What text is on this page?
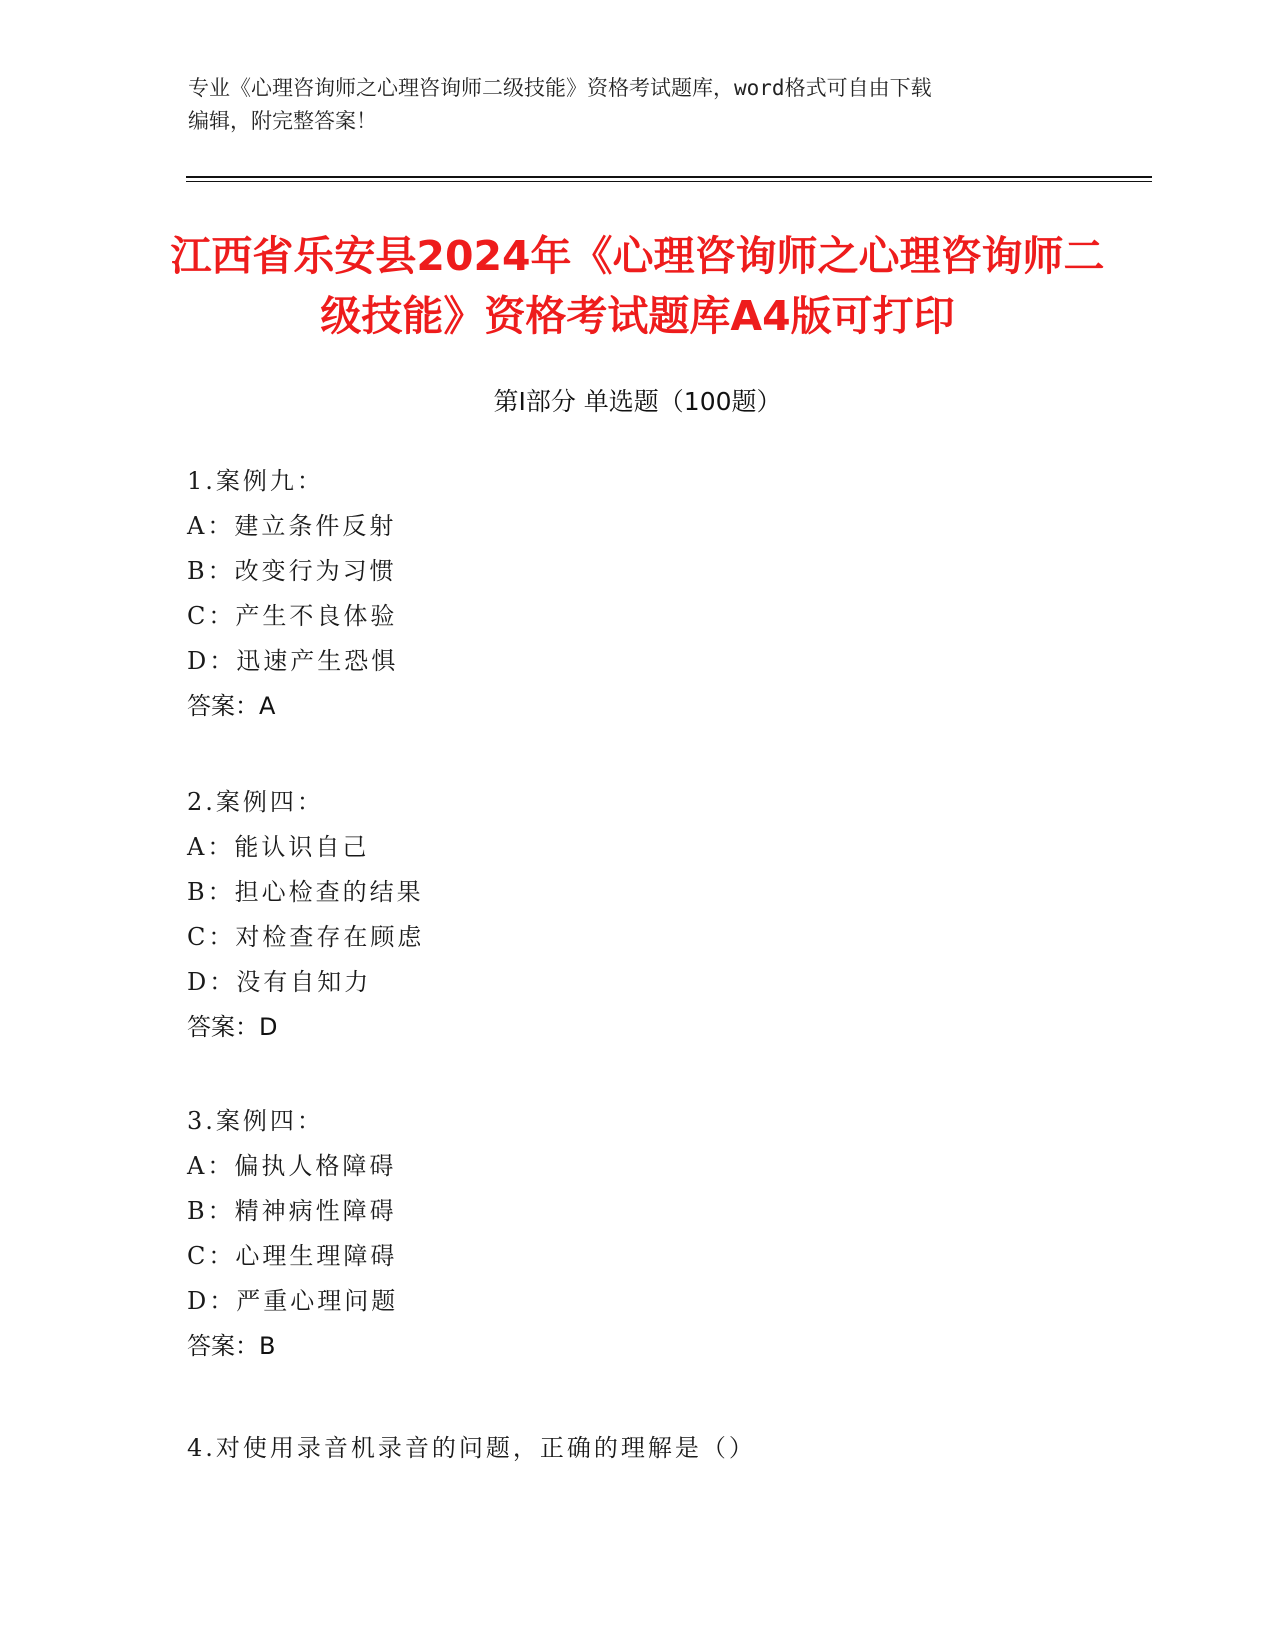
专业《心理咨询师之心理咨询师二级技能》资格考试题库，word格式可自由下载
编辑，附完整答案！
江西省乐安县2024年《心理咨询师之心理咨询师二级技能》资格考试题库A4版可打印
第Ⅰ部分 单选题（100题）
1.案例九：
A：建立条件反射
B：改变行为习惯
C：产生不良体验
D：迅速产生恐惧
答案：A
2.案例四：
A：能认识自己
B：担心检查的结果
C：对检查存在顾虑
D：没有自知力
答案：D
3.案例四：
A：偏执人格障碍
B：精神病性障碍
C：心理生理障碍
D：严重心理问题
答案：B
4.对使用录音机录音的问题，正确的理解是（）
